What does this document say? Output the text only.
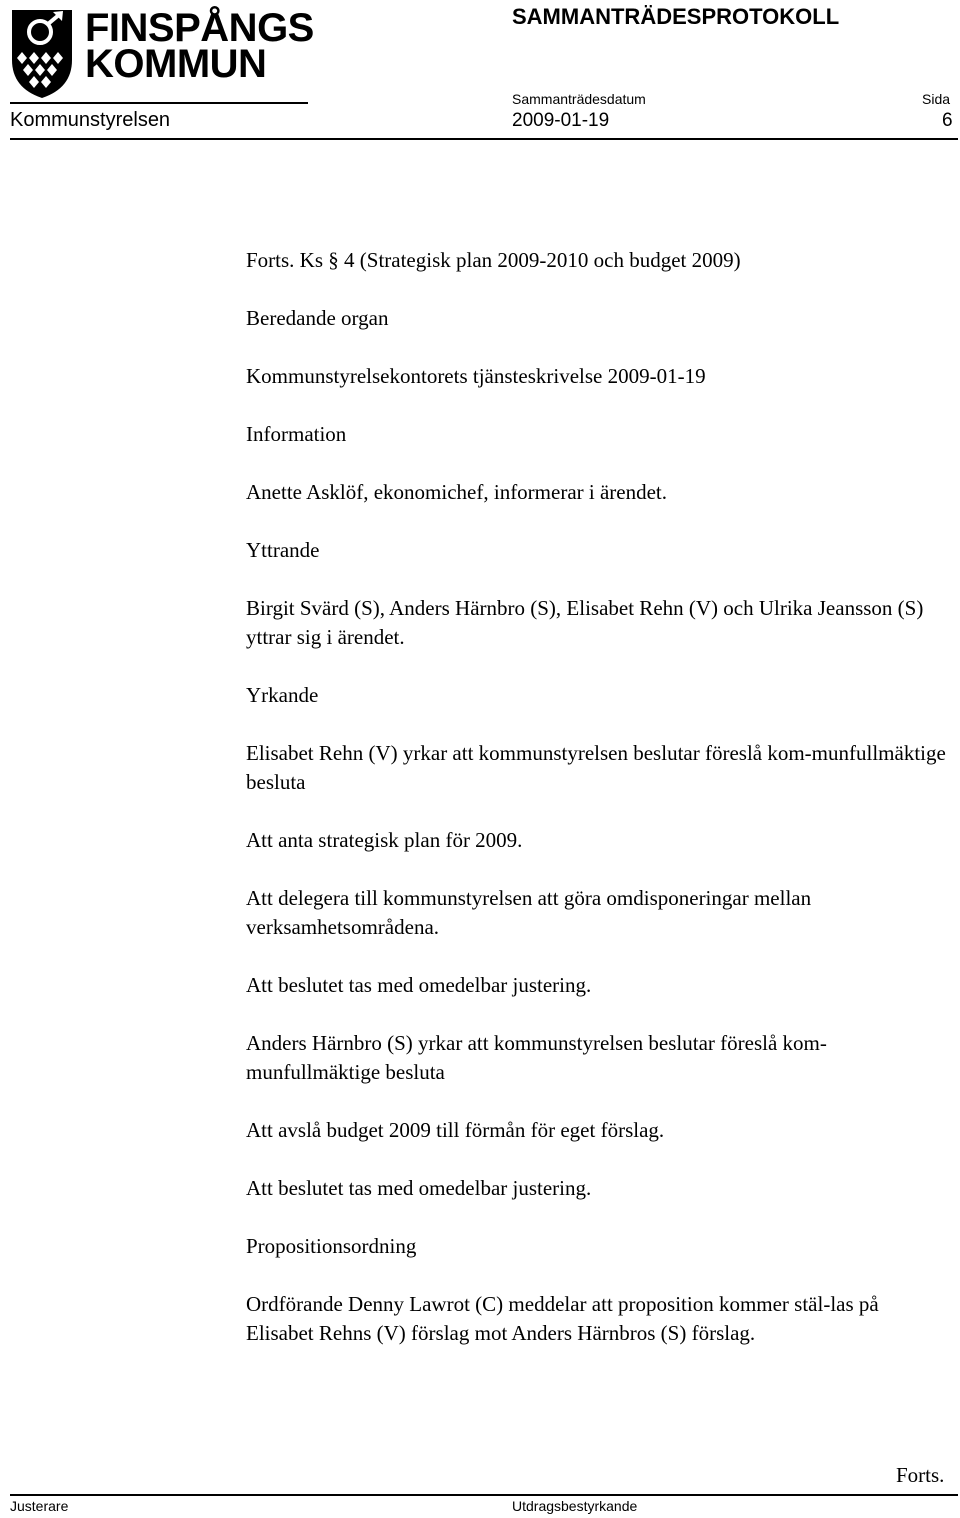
FINSPÅNGS
KOMMUN
Kommunstyrelsen
SAMMANTRÄDESPROTOKOLL
Sammanträdesdatum
2009-01-19
Sida
6

Forts. Ks § 4 (Strategisk plan 2009-2010 och budget 2009)

Beredande organ

Kommunstyrelsekontorets tjänsteskrivelse 2009-01-19

Information

Anette Asklöf, ekonomichef, informerar i ärendet.

Yttrande

Birgit Svärd (S), Anders Härnbro (S), Elisabet Rehn (V) och Ulrika Jeansson (S) yttrar sig i ärendet.

Yrkande

Elisabet Rehn (V) yrkar att kommunstyrelsen beslutar föreslå kom-munfullmäktige besluta

Att anta strategisk plan för 2009.

Att delegera till kommunstyrelsen att göra omdisponeringar mellan verksamhetsområdena.

Att beslutet tas med omedelbar justering.

Anders Härnbro (S) yrkar att kommunstyrelsen beslutar föreslå kom-munfullmäktige besluta

Att avslå budget 2009 till förmån för eget förslag.

Att beslutet tas med omedelbar justering.

Propositionsordning

Ordförande Denny Lawrot (C) meddelar att proposition kommer stäl-las på Elisabet Rehns (V) förslag mot Anders Härnbros (S) förslag.

Forts.
Justerare	Utdragsbestyrkande
